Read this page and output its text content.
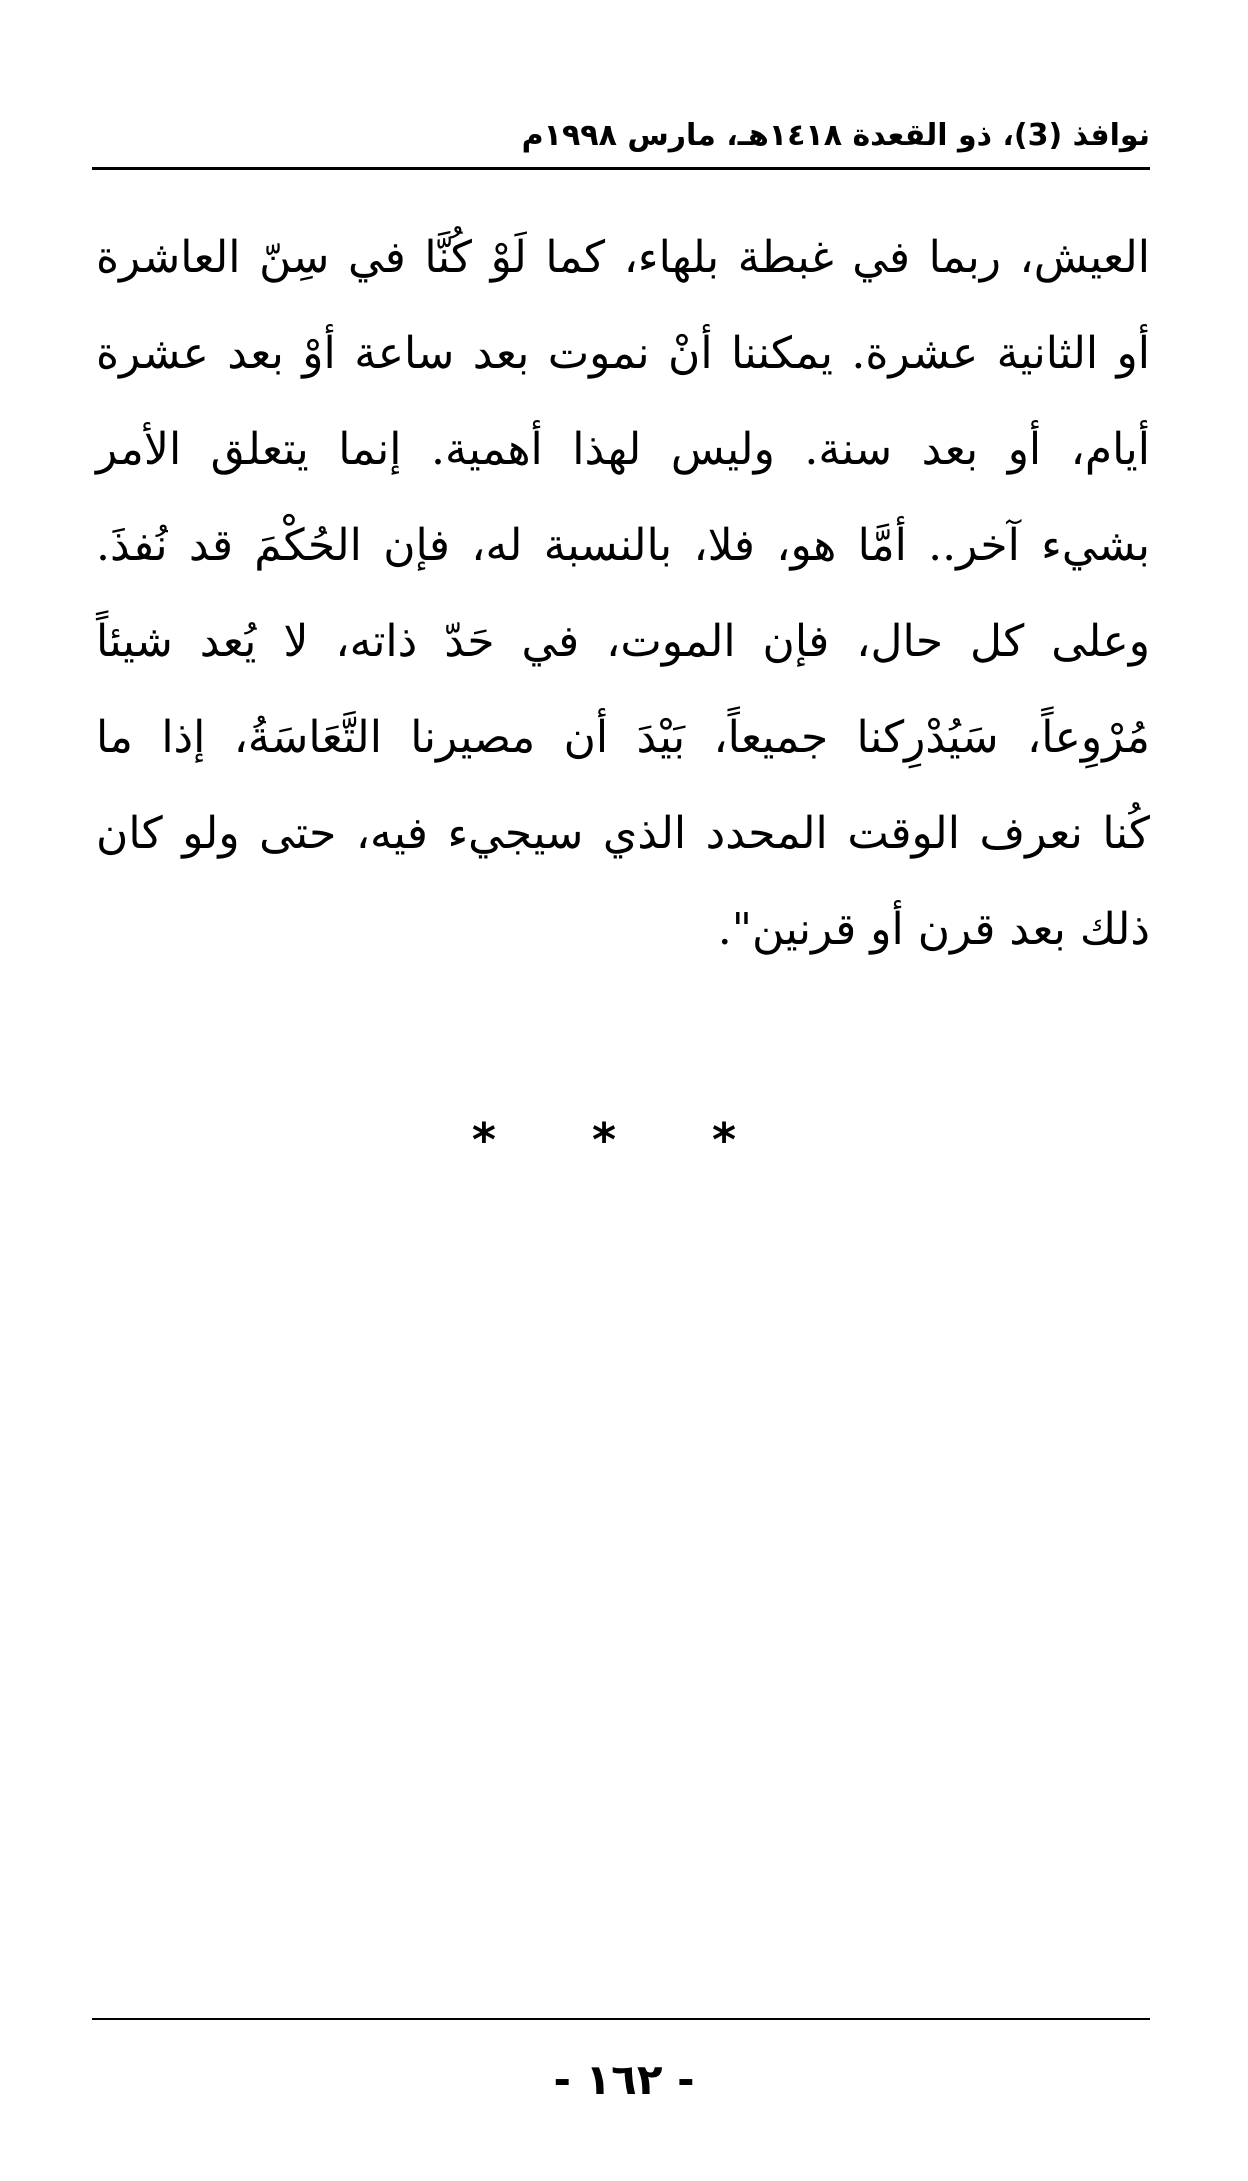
نوافذ (3)، ذو القعدة ١٤١٨هـ، مارس ١٩٩٨م
العيش، ربما في غبطة بلهاء، كما لَوْ كُنَّا في سِنّ العاشرة
أو الثانية عشرة. يمكننا أنْ نموت بعد ساعة أوْ بعد عشرة
أيام، أو بعد سنة. وليس لهذا أهمية. إنما يتعلق الأمر
بشيء آخر.. أمَّا هو، فلا، بالنسبة له، فإن الحُكْمَ قد نُفذَ.
وعلى كل حال، فإن الموت، في حَدّ ذاته، لا يُعد شيئاً
مُرْوِعاً، سَيُدْرِكنا جميعاً، بَيْدَ أن مصيرنا التَّعَاسَةُ، إذا ما
كُنا نعرف الوقت المحدد الذي سيجيء فيه، حتى ولو كان
ذلك بعد قرن أو قرنين".
* * *
- ١٦٢ -
